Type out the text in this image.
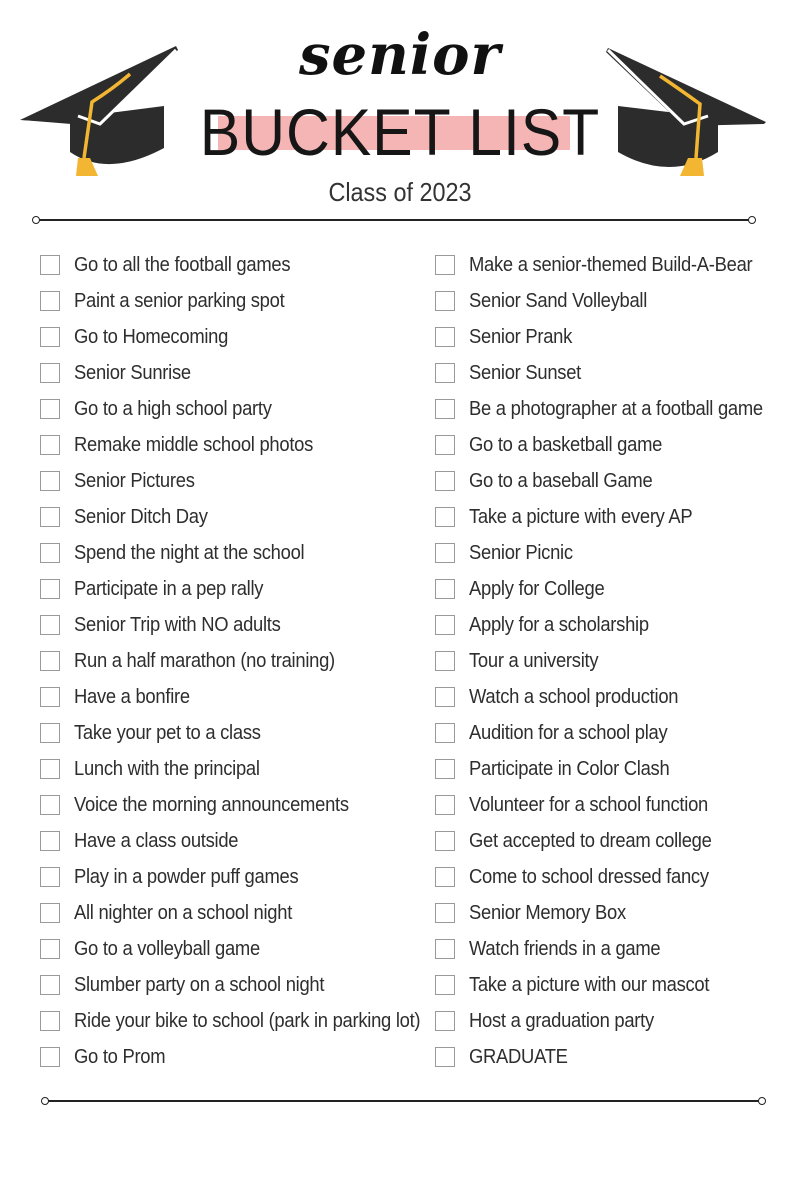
senior
BUCKET LIST
Class of 2023
Go to all the football games
Paint a senior parking spot
Go to Homecoming
Senior Sunrise
Go to a high school party
Remake middle school photos
Senior Pictures
Senior Ditch Day
Spend the night at the school
Participate in a pep rally
Senior Trip with NO adults
Run a half marathon (no training)
Have a bonfire
Take your pet to a class
Lunch with the principal
Voice the morning announcements
Have a class outside
Play in a powder puff games
All nighter on a school night
Go to a volleyball game
Slumber party on a school night
Ride your bike to school (park in parking lot)
Go to Prom
Make a senior-themed Build-A-Bear
Senior Sand Volleyball
Senior Prank
Senior Sunset
Be a photographer at a football game
Go to a basketball game
Go to a baseball Game
Take a picture with every AP
Senior Picnic
Apply for College
Apply for a scholarship
Tour a university
Watch a school production
Audition for a school play
Participate in Color Clash
Volunteer for a school function
Get accepted to dream college
Come to school dressed fancy
Senior Memory Box
Watch friends in a game
Take a picture with our mascot
Host a graduation party
GRADUATE
